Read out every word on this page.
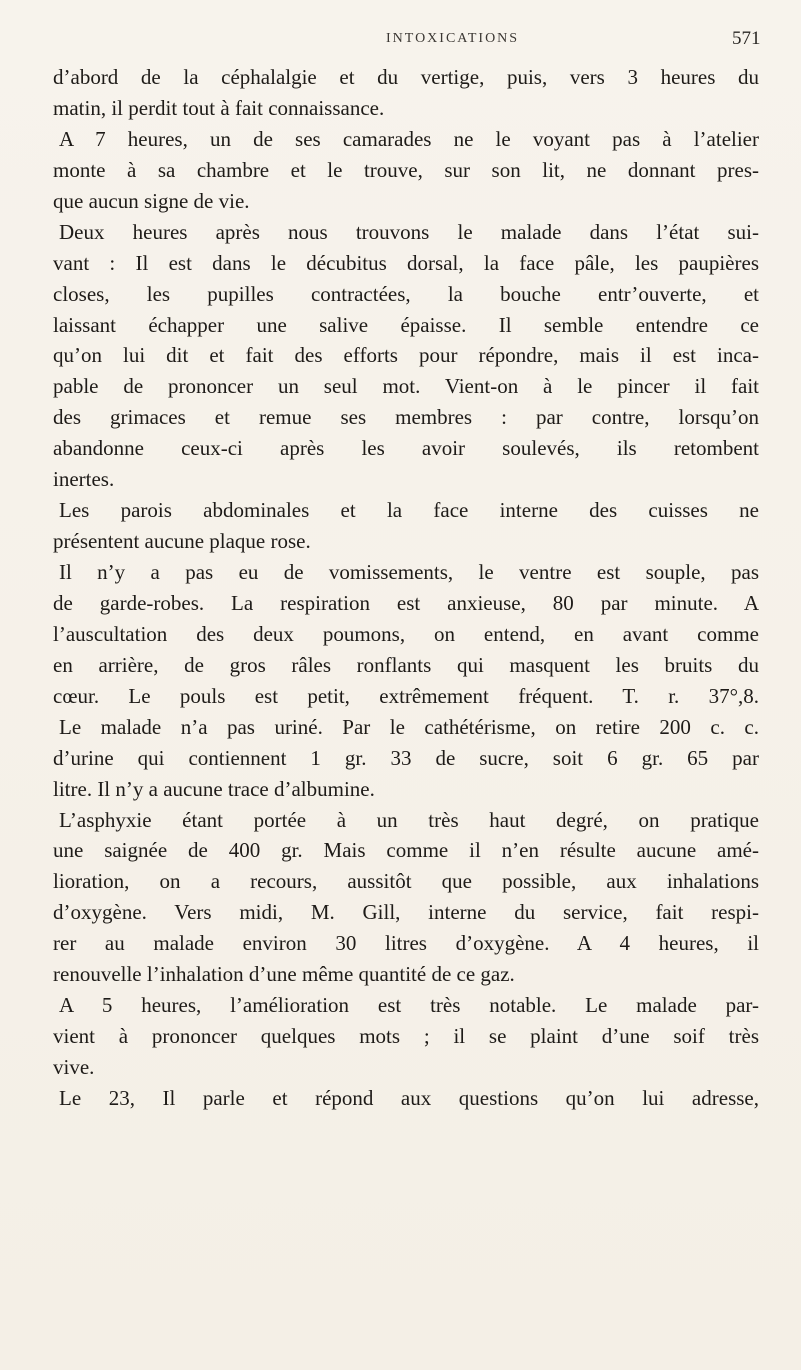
INTOXICATIONS	571
d’abord de la céphalalgie et du vertige, puis, vers 3 heures du
matin, il perdit tout à fait connaissance.
A 7 heures, un de ses camarades ne le voyant pas à l’atelier
monte à sa chambre et le trouve, sur son lit, ne donnant pres-
que aucun signe de vie.
Deux heures après nous trouvons le malade dans l’état sui-
vant : Il est dans le décubitus dorsal, la face pâle, les paupières
closes, les pupilles contractées, la bouche entr’ouverte, et
laissant échapper une salive épaisse. Il semble entendre ce
qu’on lui dit et fait des efforts pour répondre, mais il est inca-
pable de prononcer un seul mot. Vient-on à le pincer il fait
des grimaces et remue ses membres : par contre, lorsqu’on
abandonne ceux-ci après les avoir soulevés, ils retombent
inertes.
Les parois abdominales et la face interne des cuisses ne
présentent aucune plaque rose.
Il n’y a pas eu de vomissements, le ventre est souple, pas
de garde-robes. La respiration est anxieuse, 80 par minute. A
l’auscultation des deux poumons, on entend, en avant comme
en arrière, de gros râles ronflants qui masquent les bruits du
cœur. Le pouls est petit, extrêmement fréquent. T. r. 37°,8.
Le malade n’a pas uriné. Par le cathétérisme, on retire 200 c. c.
d’urine qui contiennent 1 gr. 33 de sucre, soit 6 gr. 65 par
litre. Il n’y a aucune trace d’albumine.
L’asphyxie étant portée à un très haut degré, on pratique
une saignée de 400 gr. Mais comme il n’en résulte aucune amé-
lioration, on a recours, aussitôt que possible, aux inhalations
d’oxygène. Vers midi, M. Gill, interne du service, fait respi-
rer au malade environ 30 litres d’oxygène. A 4 heures, il
renouvelle l’inhalation d’une même quantité de ce gaz.
A 5 heures, l’amélioration est très notable. Le malade par-
vient à prononcer quelques mots ; il se plaint d’une soif très
vive.
Le 23, Il parle et répond aux questions qu’on lui adresse,
